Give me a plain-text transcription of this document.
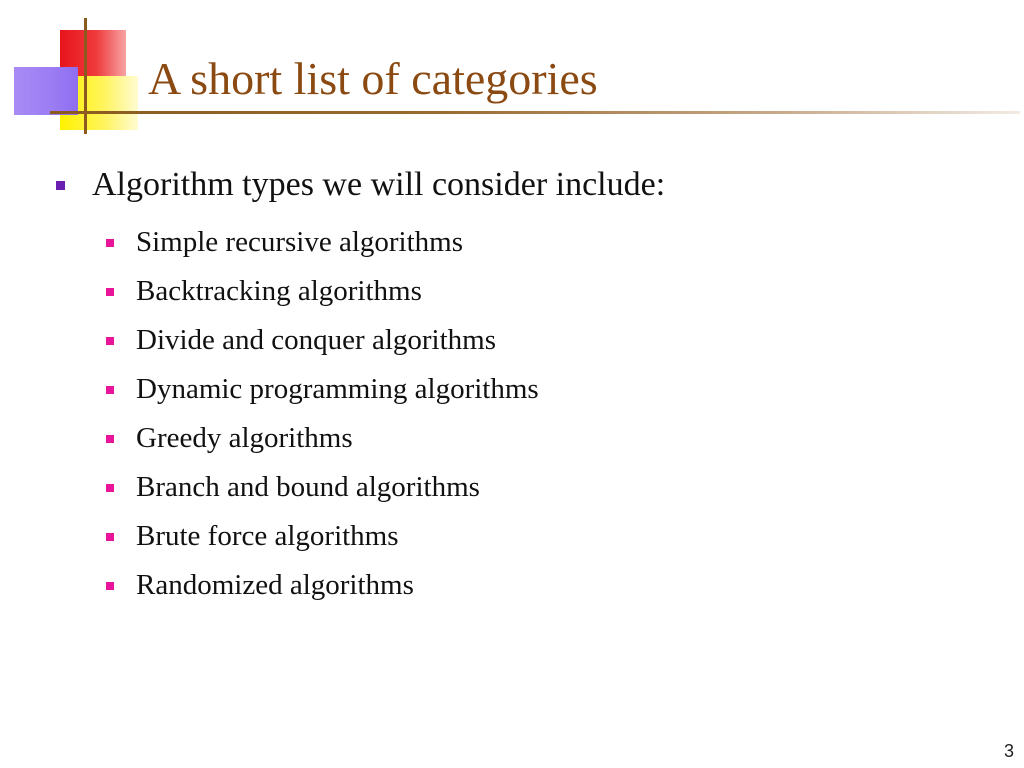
A short list of categories
Algorithm types we will consider include:
Simple recursive algorithms
Backtracking algorithms
Divide and conquer algorithms
Dynamic programming algorithms
Greedy algorithms
Branch and bound algorithms
Brute force algorithms
Randomized algorithms
3
